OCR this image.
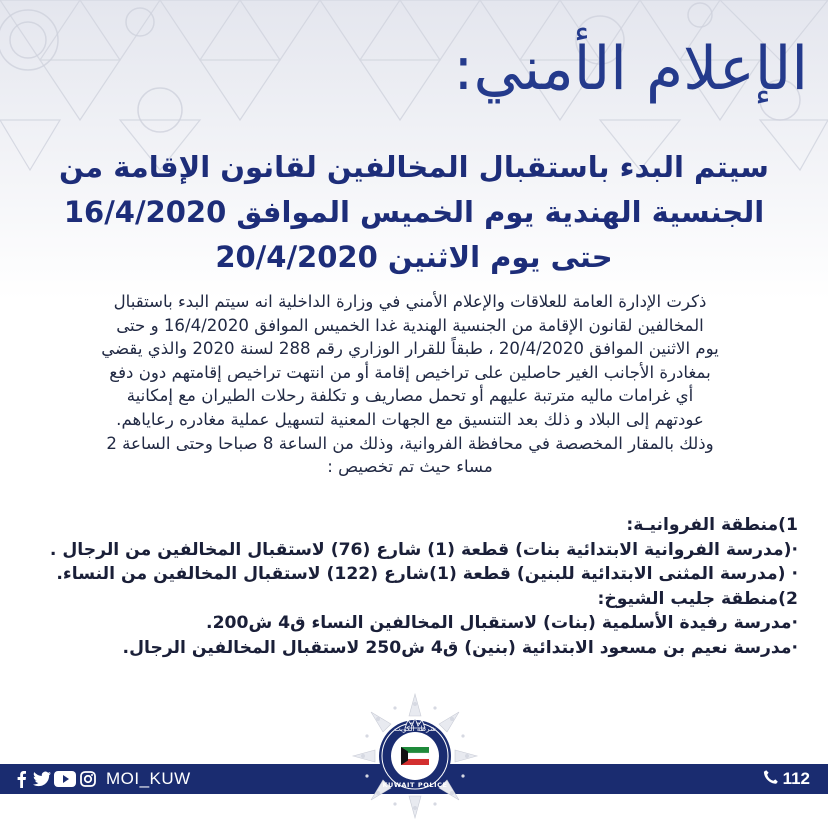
الإعلام الأمني:
سيتم البدء باستقبال المخالفين لقانون الإقامة من
الجنسية الهندية يوم الخميس الموافق 16/4/2020
حتى يوم الاثنين 20/4/2020
ذكرت الإدارة العامة للعلاقات والإعلام الأمني في وزارة الداخلية انه سيتم البدء باستقبال
المخالفين لقانون الإقامة من الجنسية الهندية غدا الخميس الموافق 16/4/2020 و حتى
يوم الاثنين الموافق 20/4/2020 ، طبقاً للقرار الوزاري رقم 288 لسنة 2020 والذي يقضي
بمغادرة الأجانب الغير حاصلين على تراخيص إقامة أو من انتهت تراخيص إقامتهم دون دفع
أي غرامات ماليه مترتبة عليهم أو تحمل مصاريف و تكلفة رحلات الطيران مع إمكانية
عودتهم إلى البلاد و ذلك بعد التنسيق مع الجهات المعنية لتسهيل عملية مغادره رعاياهم.
وذلك بالمقار المخصصة في محافظة الفروانية، وذلك من الساعة 8 صباحا وحتى الساعة 2
مساء حيث تم تخصيص :
1)منطقة الفروانيـة:
·(مدرسة الفروانية الابتدائية بنات) قطعة (1) شارع (76) لاستقبال المخالفين من الرجال .
· (مدرسة المثنى الابتدائية للبنين) قطعة (1)شارع (122) لاستقبال المخالفين من النساء.
2)منطقة جليب الشيوخ:
·مدرسة رفيدة الأسلمية (بنات) لاستقبال المخالفين النساء ق4 ش200.
·مدرسة نعيم بن مسعود الابتدائية (بنين) ق4 ش250 لاستقبال المخالفين الرجال.
MOI_KUW	112
شرطة الكويت
KUWAIT POLICE
